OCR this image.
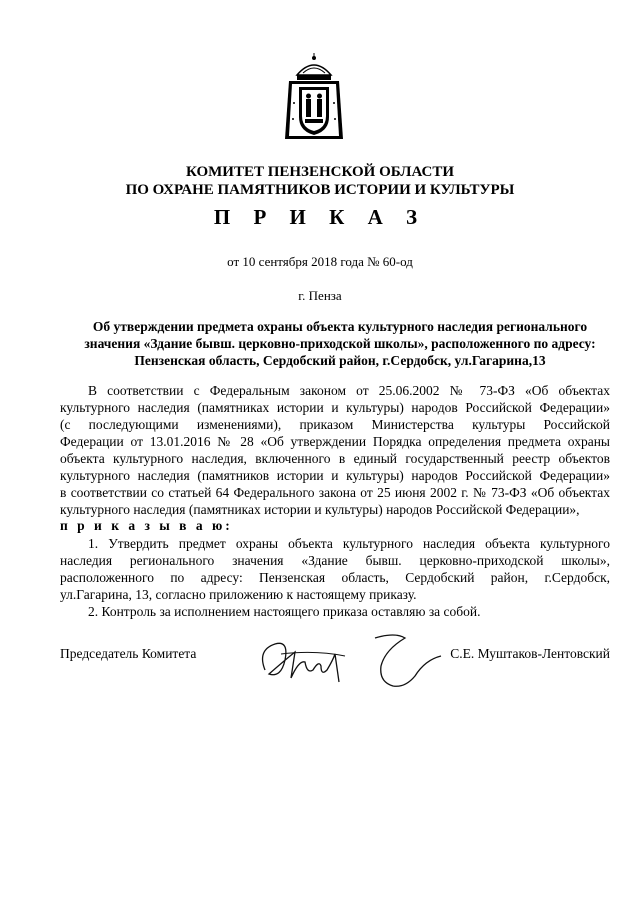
КОМИТЕТ ПЕНЗЕНСКОЙ ОБЛАСТИ
ПО ОХРАНЕ ПАМЯТНИКОВ ИСТОРИИ И КУЛЬТУРЫ
П Р И К А З
от 10 сентября 2018 года № 60-од
г. Пенза
Об утверждении предмета охраны объекта культурного наследия регионального
значения «Здание бывш. церковно-приходской школы», расположенного по адресу:
Пензенская область, Сердобский район, г.Сердобск, ул.Гагарина,13
В соответствии с Федеральным законом от 25.06.2002 № 73-ФЗ «Об объектах
культурного наследия (памятниках истории и культуры) народов Российской Федерации»
(с последующими изменениями), приказом Министерства культуры Российской
Федерации от 13.01.2016 № 28 «Об утверждении Порядка определения предмета охраны
объекта культурного наследия, включенного в единый государственный реестр объектов
культурного наследия (памятников истории и культуры) народов Российской Федерации»
в соответствии со статьей 64 Федерального закона от 25 июня 2002 г. № 73-ФЗ «Об объектах
культурного наследия (памятниках истории и культуры) народов Российской Федерации»,
п р и к а з ы в а ю:
1. Утвердить предмет охраны объекта культурного наследия объекта культурного
наследия регионального значения «Здание бывш. церковно-приходской школы»,
расположенного по адресу: Пензенская область, Сердобский район, г.Сердобск,
ул.Гагарина, 13, согласно приложению к настоящему приказу.
2. Контроль за исполнением настоящего приказа оставляю за собой.
Председатель Комитета	С.Е. Муштаков-Лентовский
